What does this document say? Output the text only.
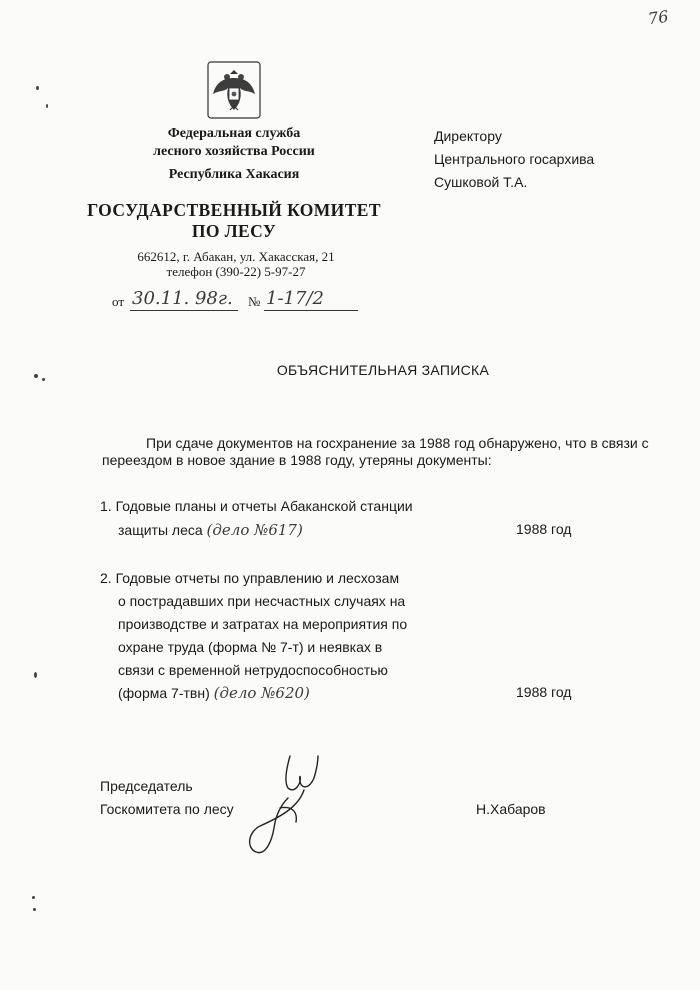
76
Федеральная служба
лесного хозяйства России
Республика Хакасия
ГОСУДАРСТВЕННЫЙ КОМИТЕТ
ПО ЛЕСУ
662612, г. Абакан, ул. Хакасская, 21
телефон (390-22) 5-97-27
от 30.11. 98г.	№ 1-17/2
Директору
Центрального госархива
Сушковой Т.А.
ОБЪЯСНИТЕЛЬНАЯ ЗАПИСКА
При сдаче документов на госхранение за 1988 год обнаружено, что в связи с
переездом в новое здание в 1988 году, утеряны документы:
1. Годовые планы и отчеты Абаканской станции
защиты леса (дело №617)	1988 год
2. Годовые отчеты по управлению и лесхозам
о пострадавших при несчастных случаях на
производстве и затратах на мероприятия по
охране труда (форма № 7-т) и неявках в
связи с временной нетрудоспособностью
(форма 7-твн) (дело №620)	1988 год
Председатель
Госкомитета по лесу	Н.Хабаров
